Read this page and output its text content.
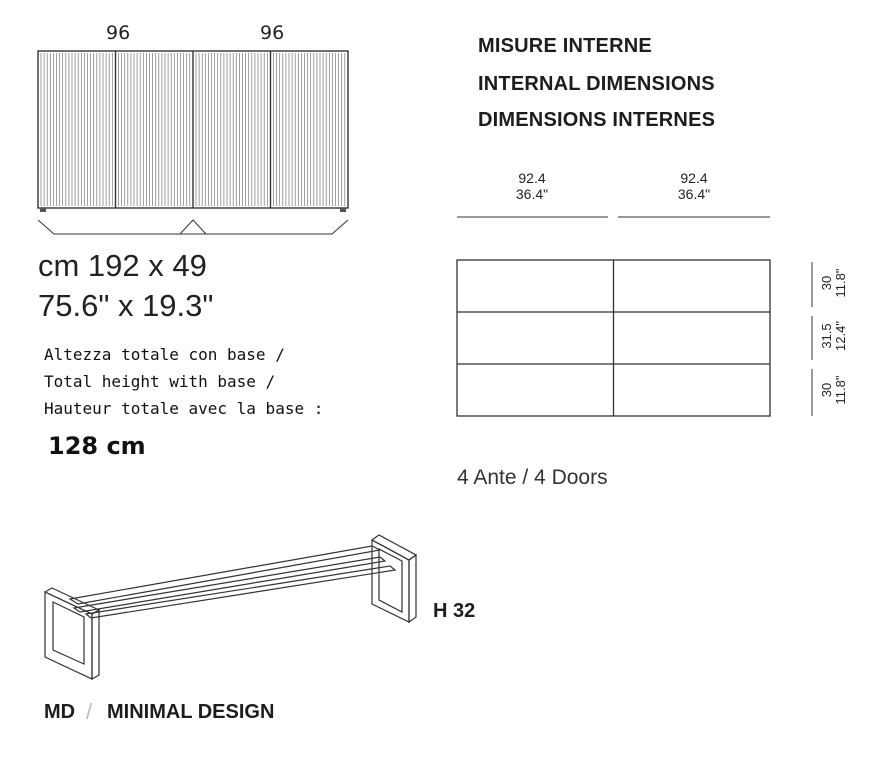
96	96
cm 192 x 49
75.6" x 19.3"
Altezza totale con base /
Total height with base /
Hauteur totale avec la base :
128 cm
MISURE INTERNE
INTERNAL DIMENSIONS
DIMENSIONS INTERNES
92.4
36.4"
92.4
36.4"
30 11.8"
31.5 12.4"
30 11.8"
4 Ante / 4 Doors
H 32
MD / MINIMAL DESIGN
